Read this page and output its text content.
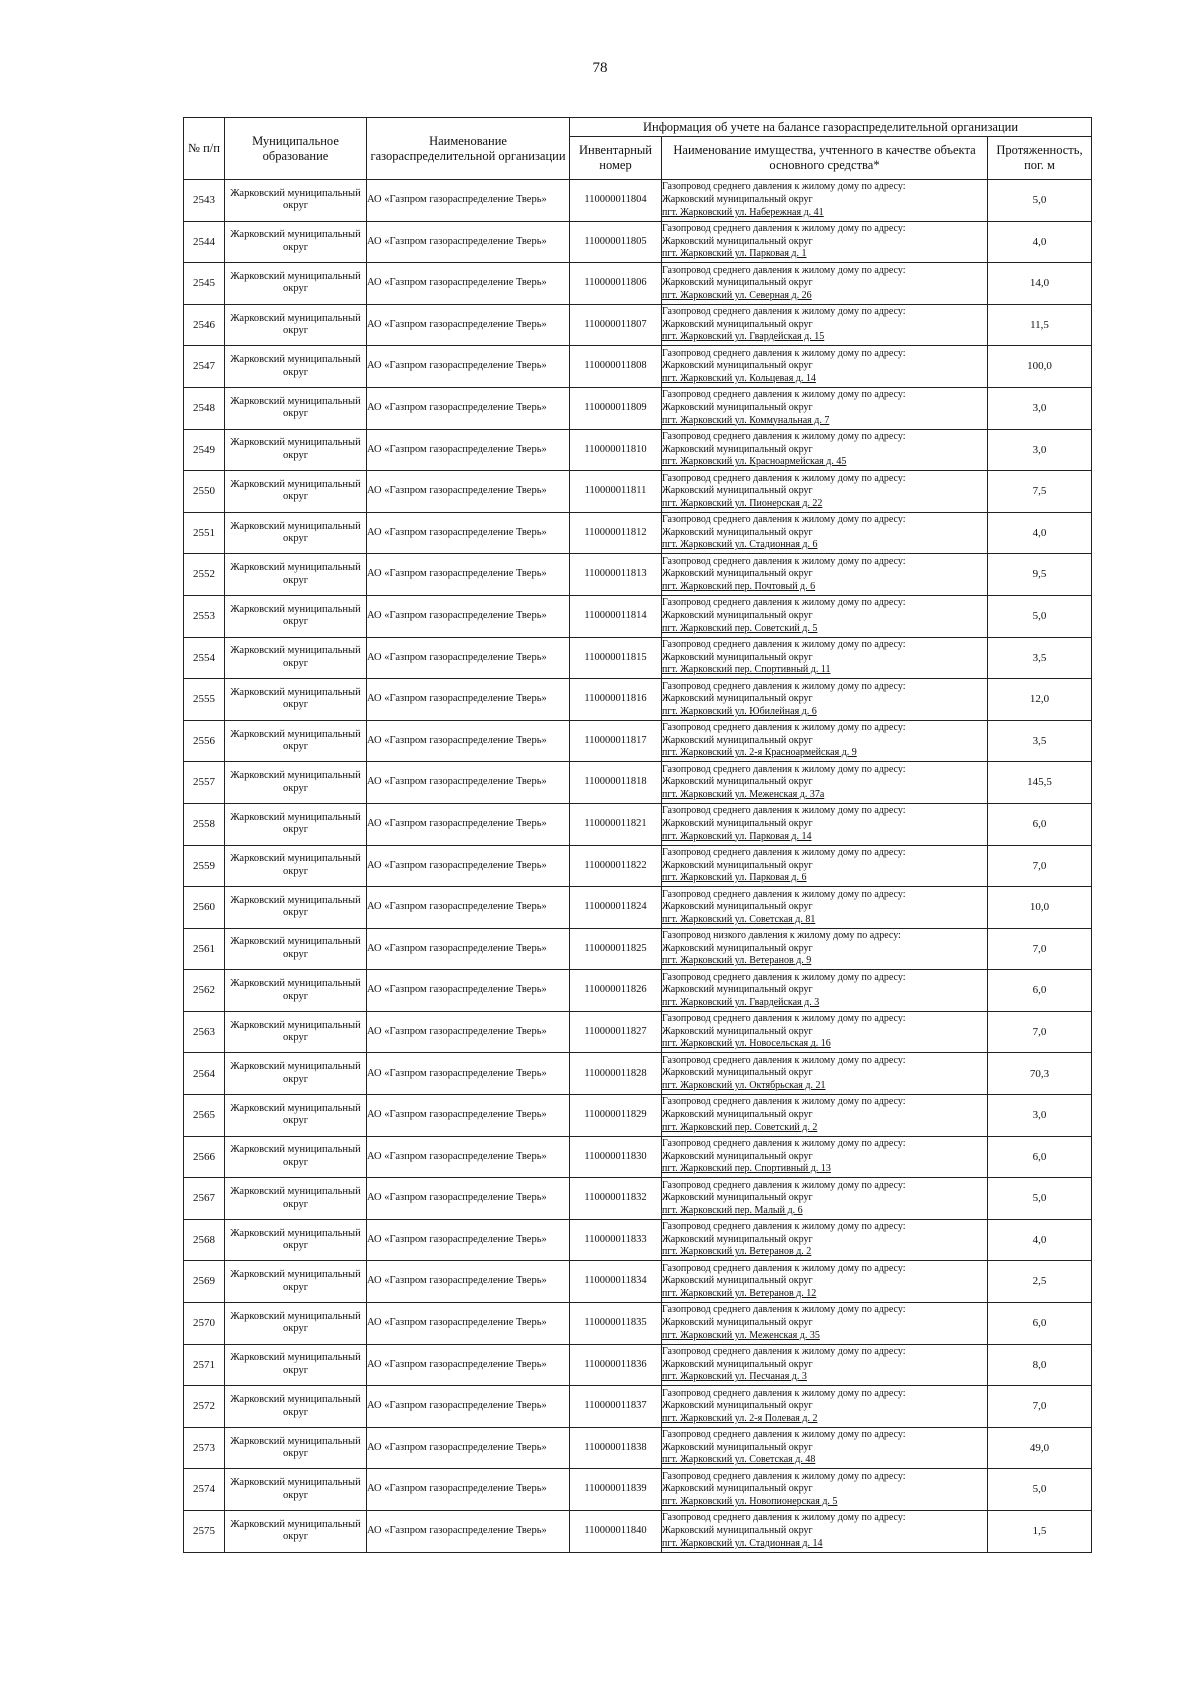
78
№ п/п	Муниципальное образование	Наименование газораспределительной организации	Информация об учете на балансе газораспределительной организации		
			Инвентарный номер	Наименование имущества, учтенного в качестве объекта основного средства*	Протяженность, пог. м
2543	Жарковский муниципальный округ	АО «Газпром газораспределение Тверь»	110000011804	Газопровод среднего давления к жилому дому по адресу:
Жарковский муниципальный округ
пгт. Жарковский ул. Набережная д. 41	5,0
2544	Жарковский муниципальный округ	АО «Газпром газораспределение Тверь»	110000011805	Газопровод среднего давления к жилому дому по адресу:
Жарковский муниципальный округ
пгт. Жарковский ул. Парковая д. 1	4,0
2545	Жарковский муниципальный округ	АО «Газпром газораспределение Тверь»	110000011806	Газопровод среднего давления к жилому дому по адресу:
Жарковский муниципальный округ
пгт. Жарковский ул. Северная д. 26	14,0
2546	Жарковский муниципальный округ	АО «Газпром газораспределение Тверь»	110000011807	Газопровод среднего давления к жилому дому по адресу:
Жарковский муниципальный округ
пгт. Жарковский ул. Гвардейская д. 15	11,5
2547	Жарковский муниципальный округ	АО «Газпром газораспределение Тверь»	110000011808	Газопровод среднего давления к жилому дому по адресу:
Жарковский муниципальный округ
пгт. Жарковский ул. Кольцевая д. 14	100,0
2548	Жарковский муниципальный округ	АО «Газпром газораспределение Тверь»	110000011809	Газопровод среднего давления к жилому дому по адресу:
Жарковский муниципальный округ
пгт. Жарковский ул. Коммунальная д. 7	3,0
2549	Жарковский муниципальный округ	АО «Газпром газораспределение Тверь»	110000011810	Газопровод среднего давления к жилому дому по адресу:
Жарковский муниципальный округ
пгт. Жарковский ул. Красноармейская д. 45	3,0
2550	Жарковский муниципальный округ	АО «Газпром газораспределение Тверь»	110000011811	Газопровод среднего давления к жилому дому по адресу:
Жарковский муниципальный округ
пгт. Жарковский ул. Пионерская д. 22	7,5
2551	Жарковский муниципальный округ	АО «Газпром газораспределение Тверь»	110000011812	Газопровод среднего давления к жилому дому по адресу:
Жарковский муниципальный округ
пгт. Жарковский ул. Стадионная д. 6	4,0
2552	Жарковский муниципальный округ	АО «Газпром газораспределение Тверь»	110000011813	Газопровод среднего давления к жилому дому по адресу:
Жарковский муниципальный округ
пгт. Жарковский пер. Почтовый д. 6	9,5
2553	Жарковский муниципальный округ	АО «Газпром газораспределение Тверь»	110000011814	Газопровод среднего давления к жилому дому по адресу:
Жарковский муниципальный округ
пгт. Жарковский пер. Советский д. 5	5,0
2554	Жарковский муниципальный округ	АО «Газпром газораспределение Тверь»	110000011815	Газопровод среднего давления к жилому дому по адресу:
Жарковский муниципальный округ
пгт. Жарковский пер. Спортивный д. 11	3,5
2555	Жарковский муниципальный округ	АО «Газпром газораспределение Тверь»	110000011816	Газопровод среднего давления к жилому дому по адресу:
Жарковский муниципальный округ
пгт. Жарковский ул. Юбилейная д. 6	12,0
2556	Жарковский муниципальный округ	АО «Газпром газораспределение Тверь»	110000011817	Газопровод среднего давления к жилому дому по адресу:
Жарковский муниципальный округ
пгт. Жарковский ул. 2-я Красноармейская д. 9	3,5
2557	Жарковский муниципальный округ	АО «Газпром газораспределение Тверь»	110000011818	Газопровод среднего давления к жилому дому по адресу:
Жарковский муниципальный округ
пгт. Жарковский ул. Меженская д. 37а	145,5
2558	Жарковский муниципальный округ	АО «Газпром газораспределение Тверь»	110000011821	Газопровод среднего давления к жилому дому по адресу:
Жарковский муниципальный округ
пгт. Жарковский ул. Парковая д. 14	6,0
2559	Жарковский муниципальный округ	АО «Газпром газораспределение Тверь»	110000011822	Газопровод среднего давления к жилому дому по адресу:
Жарковский муниципальный округ
пгт. Жарковский ул. Парковая д. 6	7,0
2560	Жарковский муниципальный округ	АО «Газпром газораспределение Тверь»	110000011824	Газопровод среднего давления к жилому дому по адресу:
Жарковский муниципальный округ
пгт. Жарковский ул. Советская д. 81	10,0
2561	Жарковский муниципальный округ	АО «Газпром газораспределение Тверь»	110000011825	Газопровод низкого давления к жилому дому по адресу:
Жарковский муниципальный округ
пгт. Жарковский ул. Ветеранов д. 9	7,0
2562	Жарковский муниципальный округ	АО «Газпром газораспределение Тверь»	110000011826	Газопровод среднего давления к жилому дому по адресу:
Жарковский муниципальный округ
пгт. Жарковский ул. Гвардейская д. 3	6,0
2563	Жарковский муниципальный округ	АО «Газпром газораспределение Тверь»	110000011827	Газопровод среднего давления к жилому дому по адресу:
Жарковский муниципальный округ
пгт. Жарковский ул. Новосельская д. 16	7,0
2564	Жарковский муниципальный округ	АО «Газпром газораспределение Тверь»	110000011828	Газопровод среднего давления к жилому дому по адресу:
Жарковский муниципальный округ
пгт. Жарковский ул. Октябрьская д. 21	70,3
2565	Жарковский муниципальный округ	АО «Газпром газораспределение Тверь»	110000011829	Газопровод среднего давления к жилому дому по адресу:
Жарковский муниципальный округ
пгт. Жарковский пер. Советский д. 2	3,0
2566	Жарковский муниципальный округ	АО «Газпром газораспределение Тверь»	110000011830	Газопровод среднего давления к жилому дому по адресу:
Жарковский муниципальный округ
пгт. Жарковский пер. Спортивный д. 13	6,0
2567	Жарковский муниципальный округ	АО «Газпром газораспределение Тверь»	110000011832	Газопровод среднего давления к жилому дому по адресу:
Жарковский муниципальный округ
пгт. Жарковский пер. Малый д. 6	5,0
2568	Жарковский муниципальный округ	АО «Газпром газораспределение Тверь»	110000011833	Газопровод среднего давления к жилому дому по адресу:
Жарковский муниципальный округ
пгт. Жарковский ул. Ветеранов д. 2	4,0
2569	Жарковский муниципальный округ	АО «Газпром газораспределение Тверь»	110000011834	Газопровод среднего давления к жилому дому по адресу:
Жарковский муниципальный округ
пгт. Жарковский ул. Ветеранов д. 12	2,5
2570	Жарковский муниципальный округ	АО «Газпром газораспределение Тверь»	110000011835	Газопровод среднего давления к жилому дому по адресу:
Жарковский муниципальный округ
пгт. Жарковский ул. Меженская д. 35	6,0
2571	Жарковский муниципальный округ	АО «Газпром газораспределение Тверь»	110000011836	Газопровод среднего давления к жилому дому по адресу:
Жарковский муниципальный округ
пгт. Жарковский ул. Песчаная д. 3	8,0
2572	Жарковский муниципальный округ	АО «Газпром газораспределение Тверь»	110000011837	Газопровод среднего давления к жилому дому по адресу:
Жарковский муниципальный округ
пгт. Жарковский ул. 2-я Полевая д. 2	7,0
2573	Жарковский муниципальный округ	АО «Газпром газораспределение Тверь»	110000011838	Газопровод среднего давления к жилому дому по адресу:
Жарковский муниципальный округ
пгт. Жарковский ул. Советская д. 48	49,0
2574	Жарковский муниципальный округ	АО «Газпром газораспределение Тверь»	110000011839	Газопровод среднего давления к жилому дому по адресу:
Жарковский муниципальный округ
пгт. Жарковский ул. Новопионерская д. 5	5,0
2575	Жарковский муниципальный округ	АО «Газпром газораспределение Тверь»	110000011840	Газопровод среднего давления к жилому дому по адресу:
Жарковский муниципальный округ
пгт. Жарковский ул. Стадионная д. 14	1,5
